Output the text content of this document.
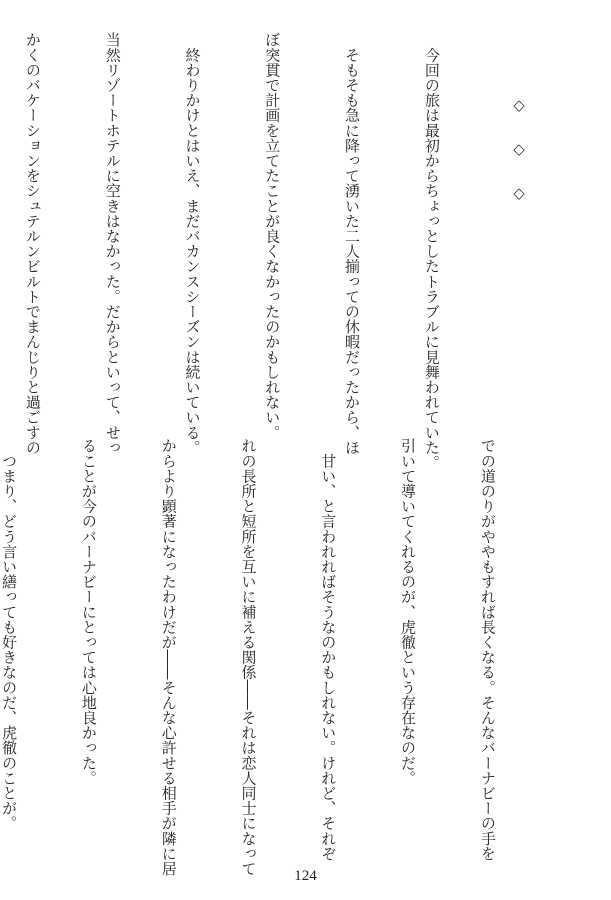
◇◇◇

　今回の旅は最初からちょっとしたトラブルに見舞われていた。

　そもそも急に降って湧いた二人揃っての休暇だったから、ほ

ぼ突貫で計画を立てたことが良くなかったのかもしれない。

　終わりかけとはいえ、まだバカンスシーズンは続いている。

当然リゾートホテルに空きはなかった。だからといって、せっ

かくのバケーションをシュテルンビルトでまんじりと過ごすの

での道のりがややもすれば長くなる。そんなバーナビーの手を

引いて導いてくれるのが、虎徹という存在なのだ。

　甘い、と言われればそうなのかもしれない。けれど、それぞ

れの長所と短所を互いに補える関係――それは恋人同士になって

からより顕著になったわけだが――そんな心許せる相手が隣に居

ることが今のバーナビーにとっては心地良かった。

　つまり、どう言い繕っても好きなのだ、虎徹のことが。

124
